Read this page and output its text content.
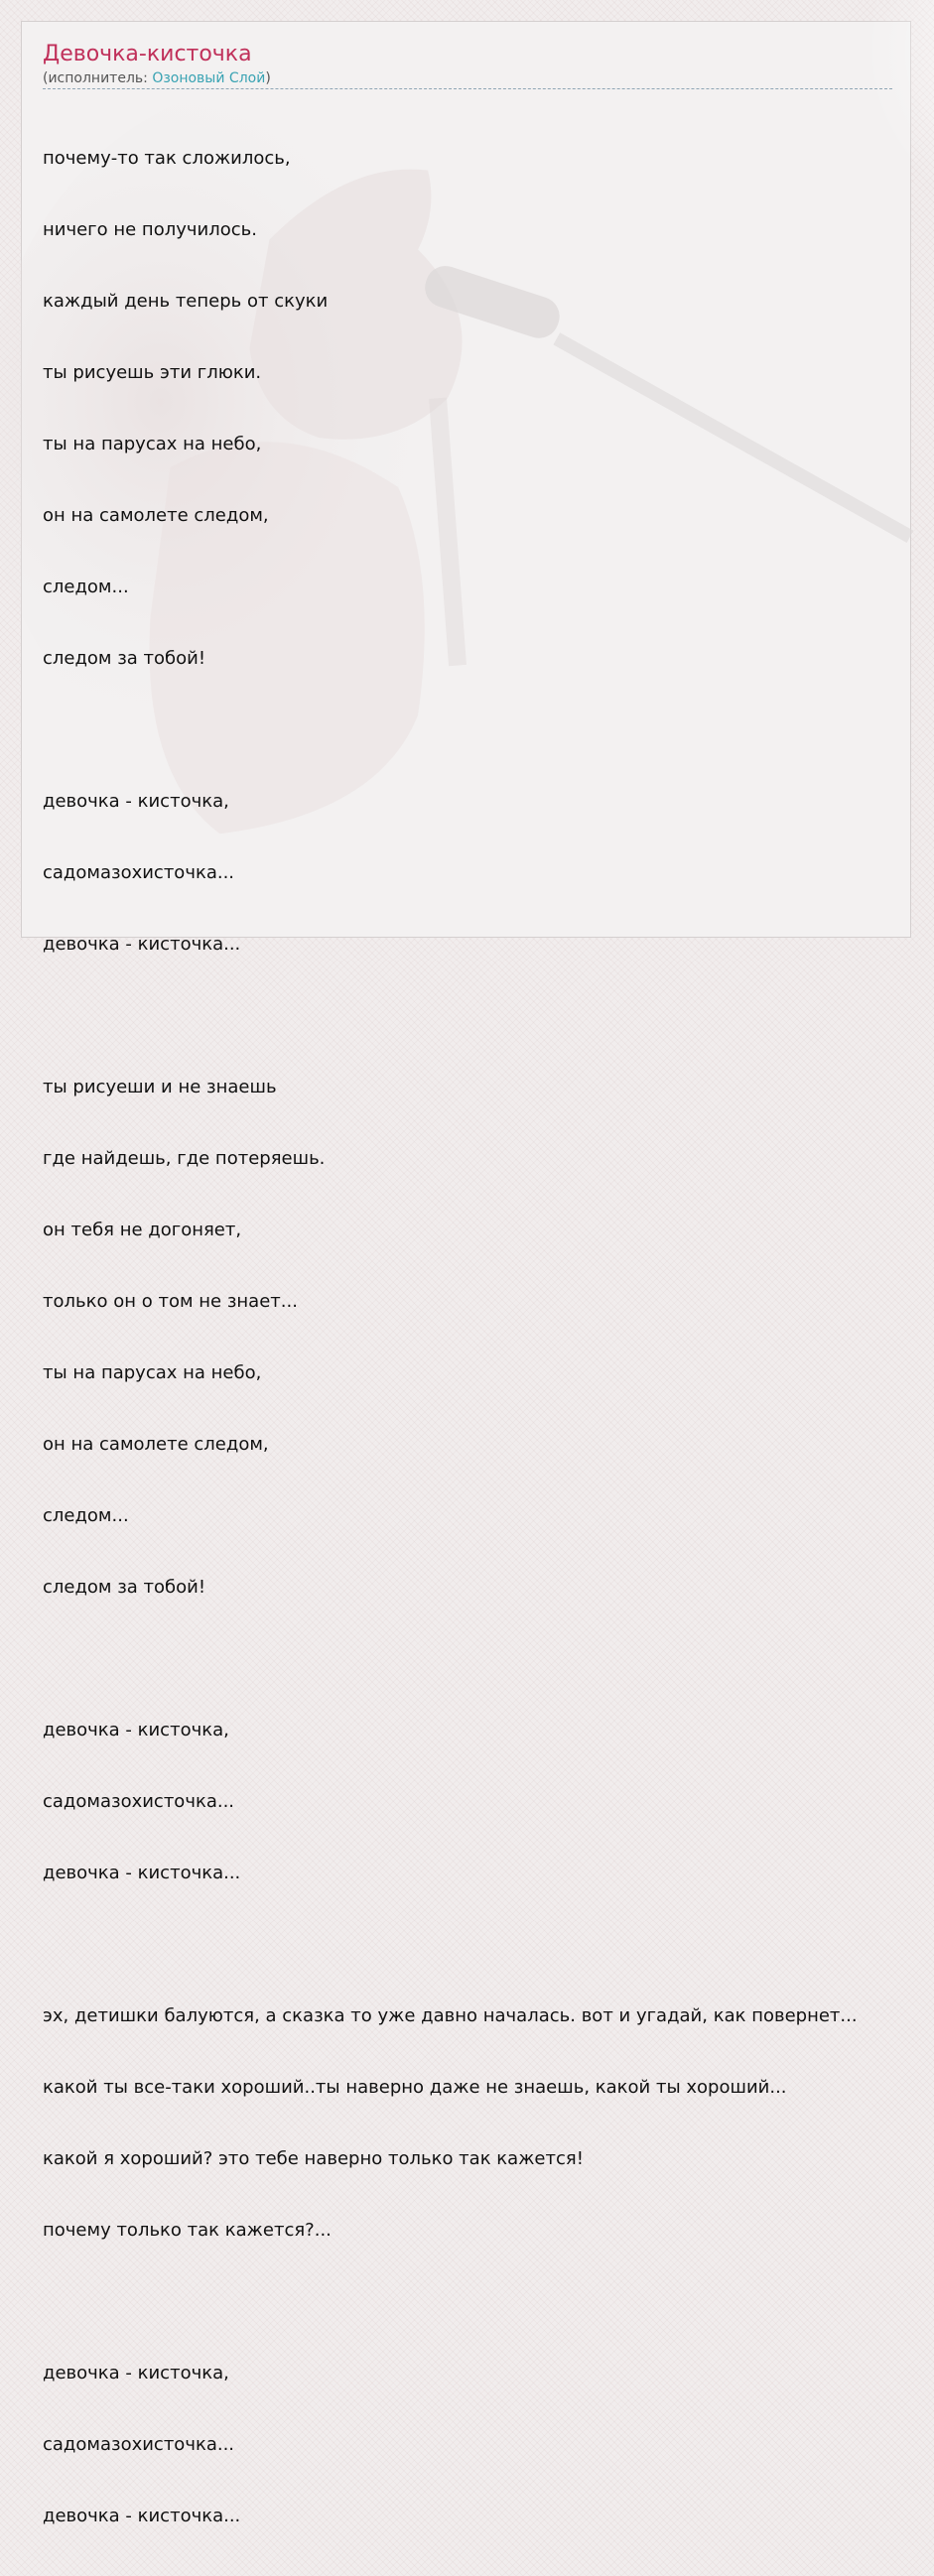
Девочка-кисточка
(исполнитель: Озоновый Слой)

почему-то так сложилось,

ничего не получилось.

каждый день теперь от скуки

ты рисуешь эти глюки.

ты на парусах на небо,

он на самолете следом,

следом...

следом за тобой!

девочка - кисточка,

садомазохисточка...

девочка - кисточка...

ты рисуеши и не знаешь

где найдешь, где потеряешь.

он тебя не догоняет,

только он о том не знает...

ты на парусах на небо,

он на самолете следом,

следом...

следом за тобой!

девочка - кисточка,

садомазохисточка...

девочка - кисточка...

эх, детишки балуются, а сказка то уже давно началась. вот и угадай, как повернет...

какой ты все-таки хороший..ты наверно даже не знаешь, какой ты хороший...

какой я хороший? это тебе наверно только так кажется!

почему только так кажется?...

девочка - кисточка,

садомазохисточка...

девочка - кисточка...
